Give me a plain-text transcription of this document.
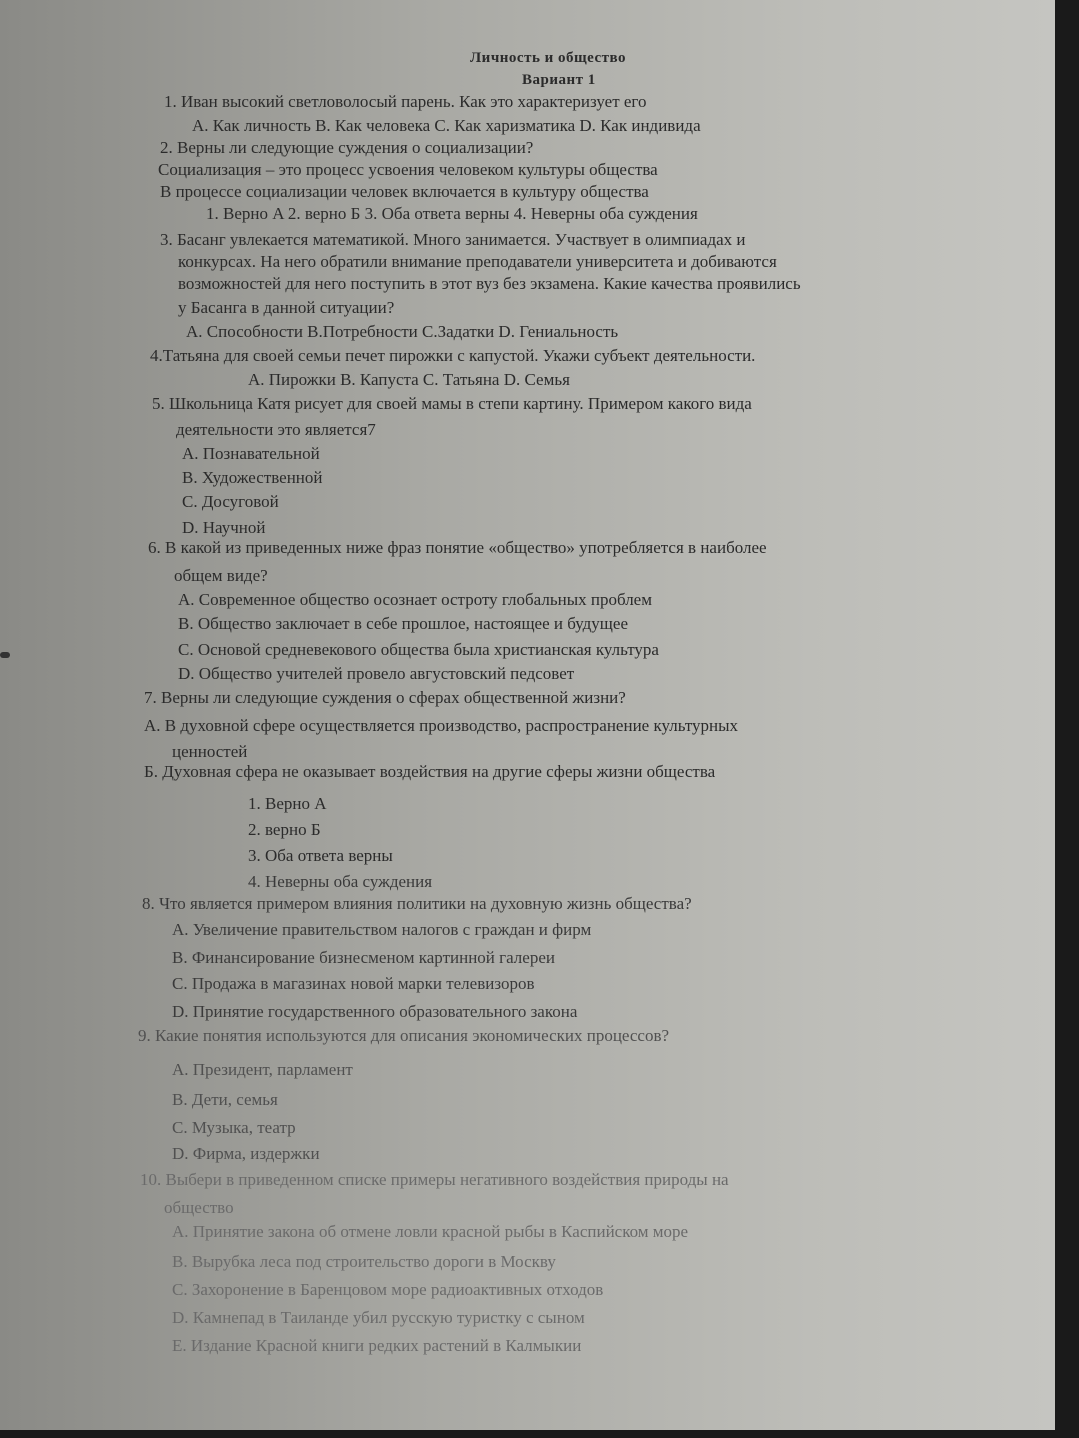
Личность и общество
Вариант 1
1. Иван высокий светловолосый парень. Как это характеризует его
A. Как личность B. Как человека C. Как харизматика D. Как индивида
2. Верны ли следующие суждения о социализации?
Социализация – это процесс усвоения человеком культуры общества
В процессе социализации человек включается в культуру общества
1. Верно A 2. верно Б 3. Оба ответа верны 4. Неверны оба суждения
3. Басанг увлекается математикой. Много занимается. Участвует в олимпиадах и
конкурсах. На него обратили внимание преподаватели университета и добиваются
возможностей для него поступить в этот вуз без экзамена. Какие качества проявились
у Басанга в данной ситуации?
A. Способности B.Потребности C.Задатки D. Гениальность
4.Татьяна для своей семьи печет пирожки с капустой. Укажи субъект деятельности.
A. Пирожки B. Капуста C. Татьяна D. Семья
5. Школьница Катя рисует для своей мамы в степи картину. Примером какого вида
деятельности это является7
A. Познавательной
B. Художественной
C. Досуговой
D. Научной
6. В какой из приведенных ниже фраз понятие «общество» употребляется в наиболее
общем виде?
A. Современное общество осознает остроту глобальных проблем
B. Общество заключает в себе прошлое, настоящее и будущее
C. Основой средневекового общества была христианская культура
D. Общество учителей провело августовский педсовет
7. Верны ли следующие суждения о сферах общественной жизни?
A. В духовной сфере осуществляется производство, распространение культурных
ценностей
Б. Духовная сфера не оказывает воздействия на другие сферы жизни общества
1. Верно A
2. верно Б
3. Оба ответа верны
4. Неверны оба суждения
8. Что является примером влияния политики на духовную жизнь общества?
A. Увеличение правительством налогов с граждан и фирм
B. Финансирование бизнесменом картинной галереи
C. Продажа в магазинах новой марки телевизоров
D. Принятие государственного образовательного закона
9. Какие понятия используются для описания экономических процессов?
A. Президент, парламент
B. Дети, семья
C. Музыка, театр
D. Фирма, издержки
10. Выбери в приведенном списке примеры негативного воздействия природы на
общество
A. Принятие закона об отмене ловли красной рыбы в Каспийском море
B. Вырубка леса под строительство дороги в Москву
C. Захоронение в Баренцовом море радиоактивных отходов
D. Камнепад в Таиланде убил русскую туристку с сыном
E. Издание Красной книги редких растений в Калмыкии
